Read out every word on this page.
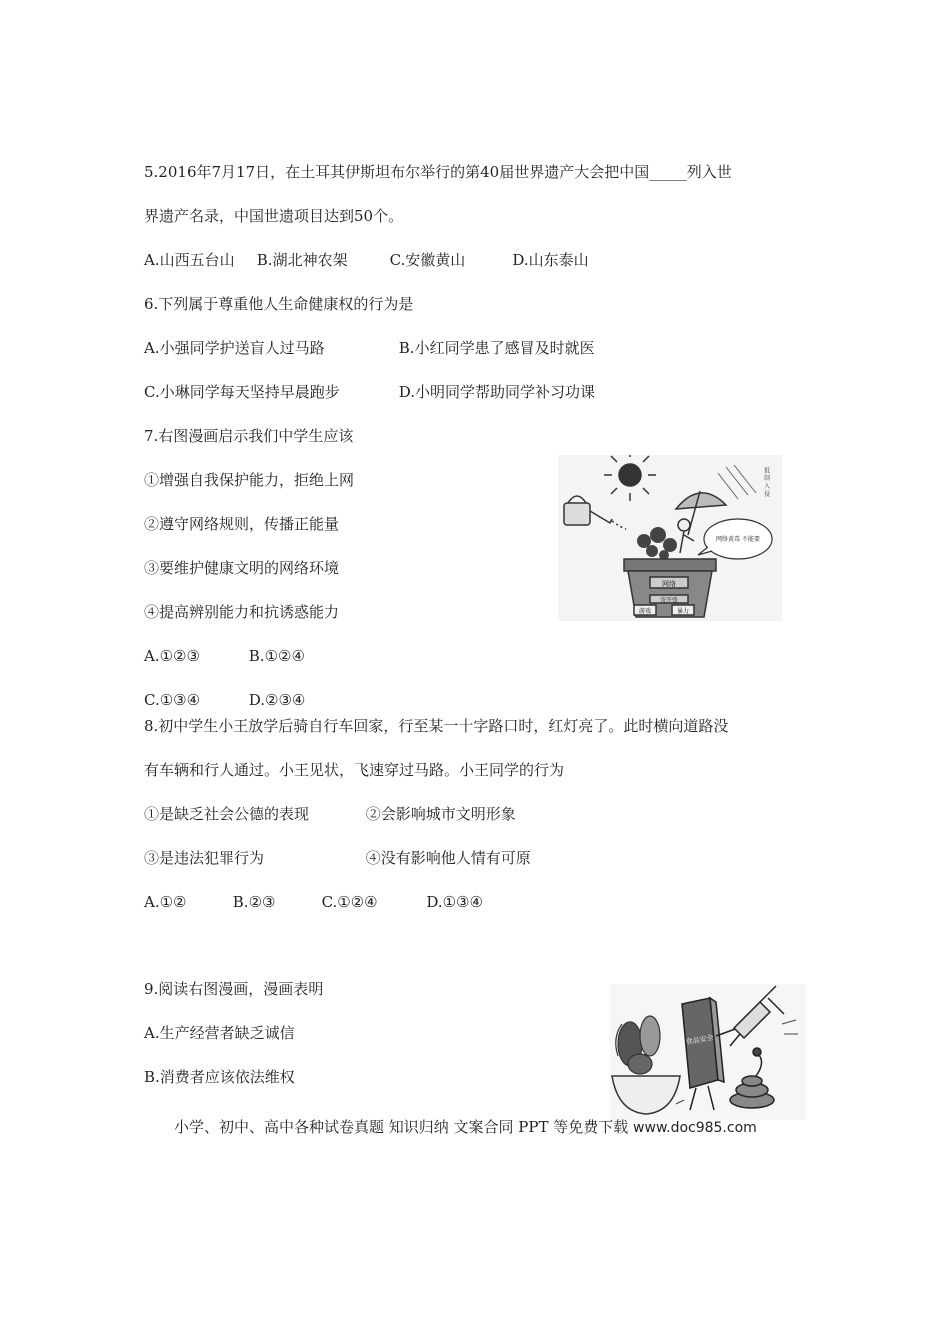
5.2016年7月17日，在土耳其伊斯坦布尔举行的第40届世界遗产大会把中国_____列入世
界遗产名录，中国世遗项目达到50个。
A.山西五台山 B.湖北神农架	C.安徽黄山	D.山东泰山
6.下列属于尊重他人生命健康权的行为是
A.小强同学护送盲人过马路	B.小红同学患了感冒及时就医
C.小琳同学每天坚持早晨跑步	D.小明同学帮助同学补习功课
7.右图漫画启示我们中学生应该
①增强自我保护能力，拒绝上网
②遵守网络规则，传播正能量
③要维护健康文明的网络环境
④提高辨别能力和抗诱惑能力
A.①②③	B.①②④
C.①③④	D.②③④
网络
寄开张
游戏	暴力
网络黄毒 不能要
抵 制 入 侵
8.初中学生小王放学后骑自行车回家，行至某一十字路口时，红灯亮了。此时横向道路没
有车辆和行人通过。小王见状，飞速穿过马路。小王同学的行为
①是缺乏社会公德的表现	②会影响城市文明形象
③是违法犯罪行为	④没有影响他人情有可原
A.①②	B.②③	C.①②④	D.①③④
9.阅读右图漫画，漫画表明
A.生产经营者缺乏诚信
B.消费者应该依法维权
食品安全
小学、初中、高中各种试卷真题 知识归纳 文案合同 PPT 等免费下载 www.doc985.com
